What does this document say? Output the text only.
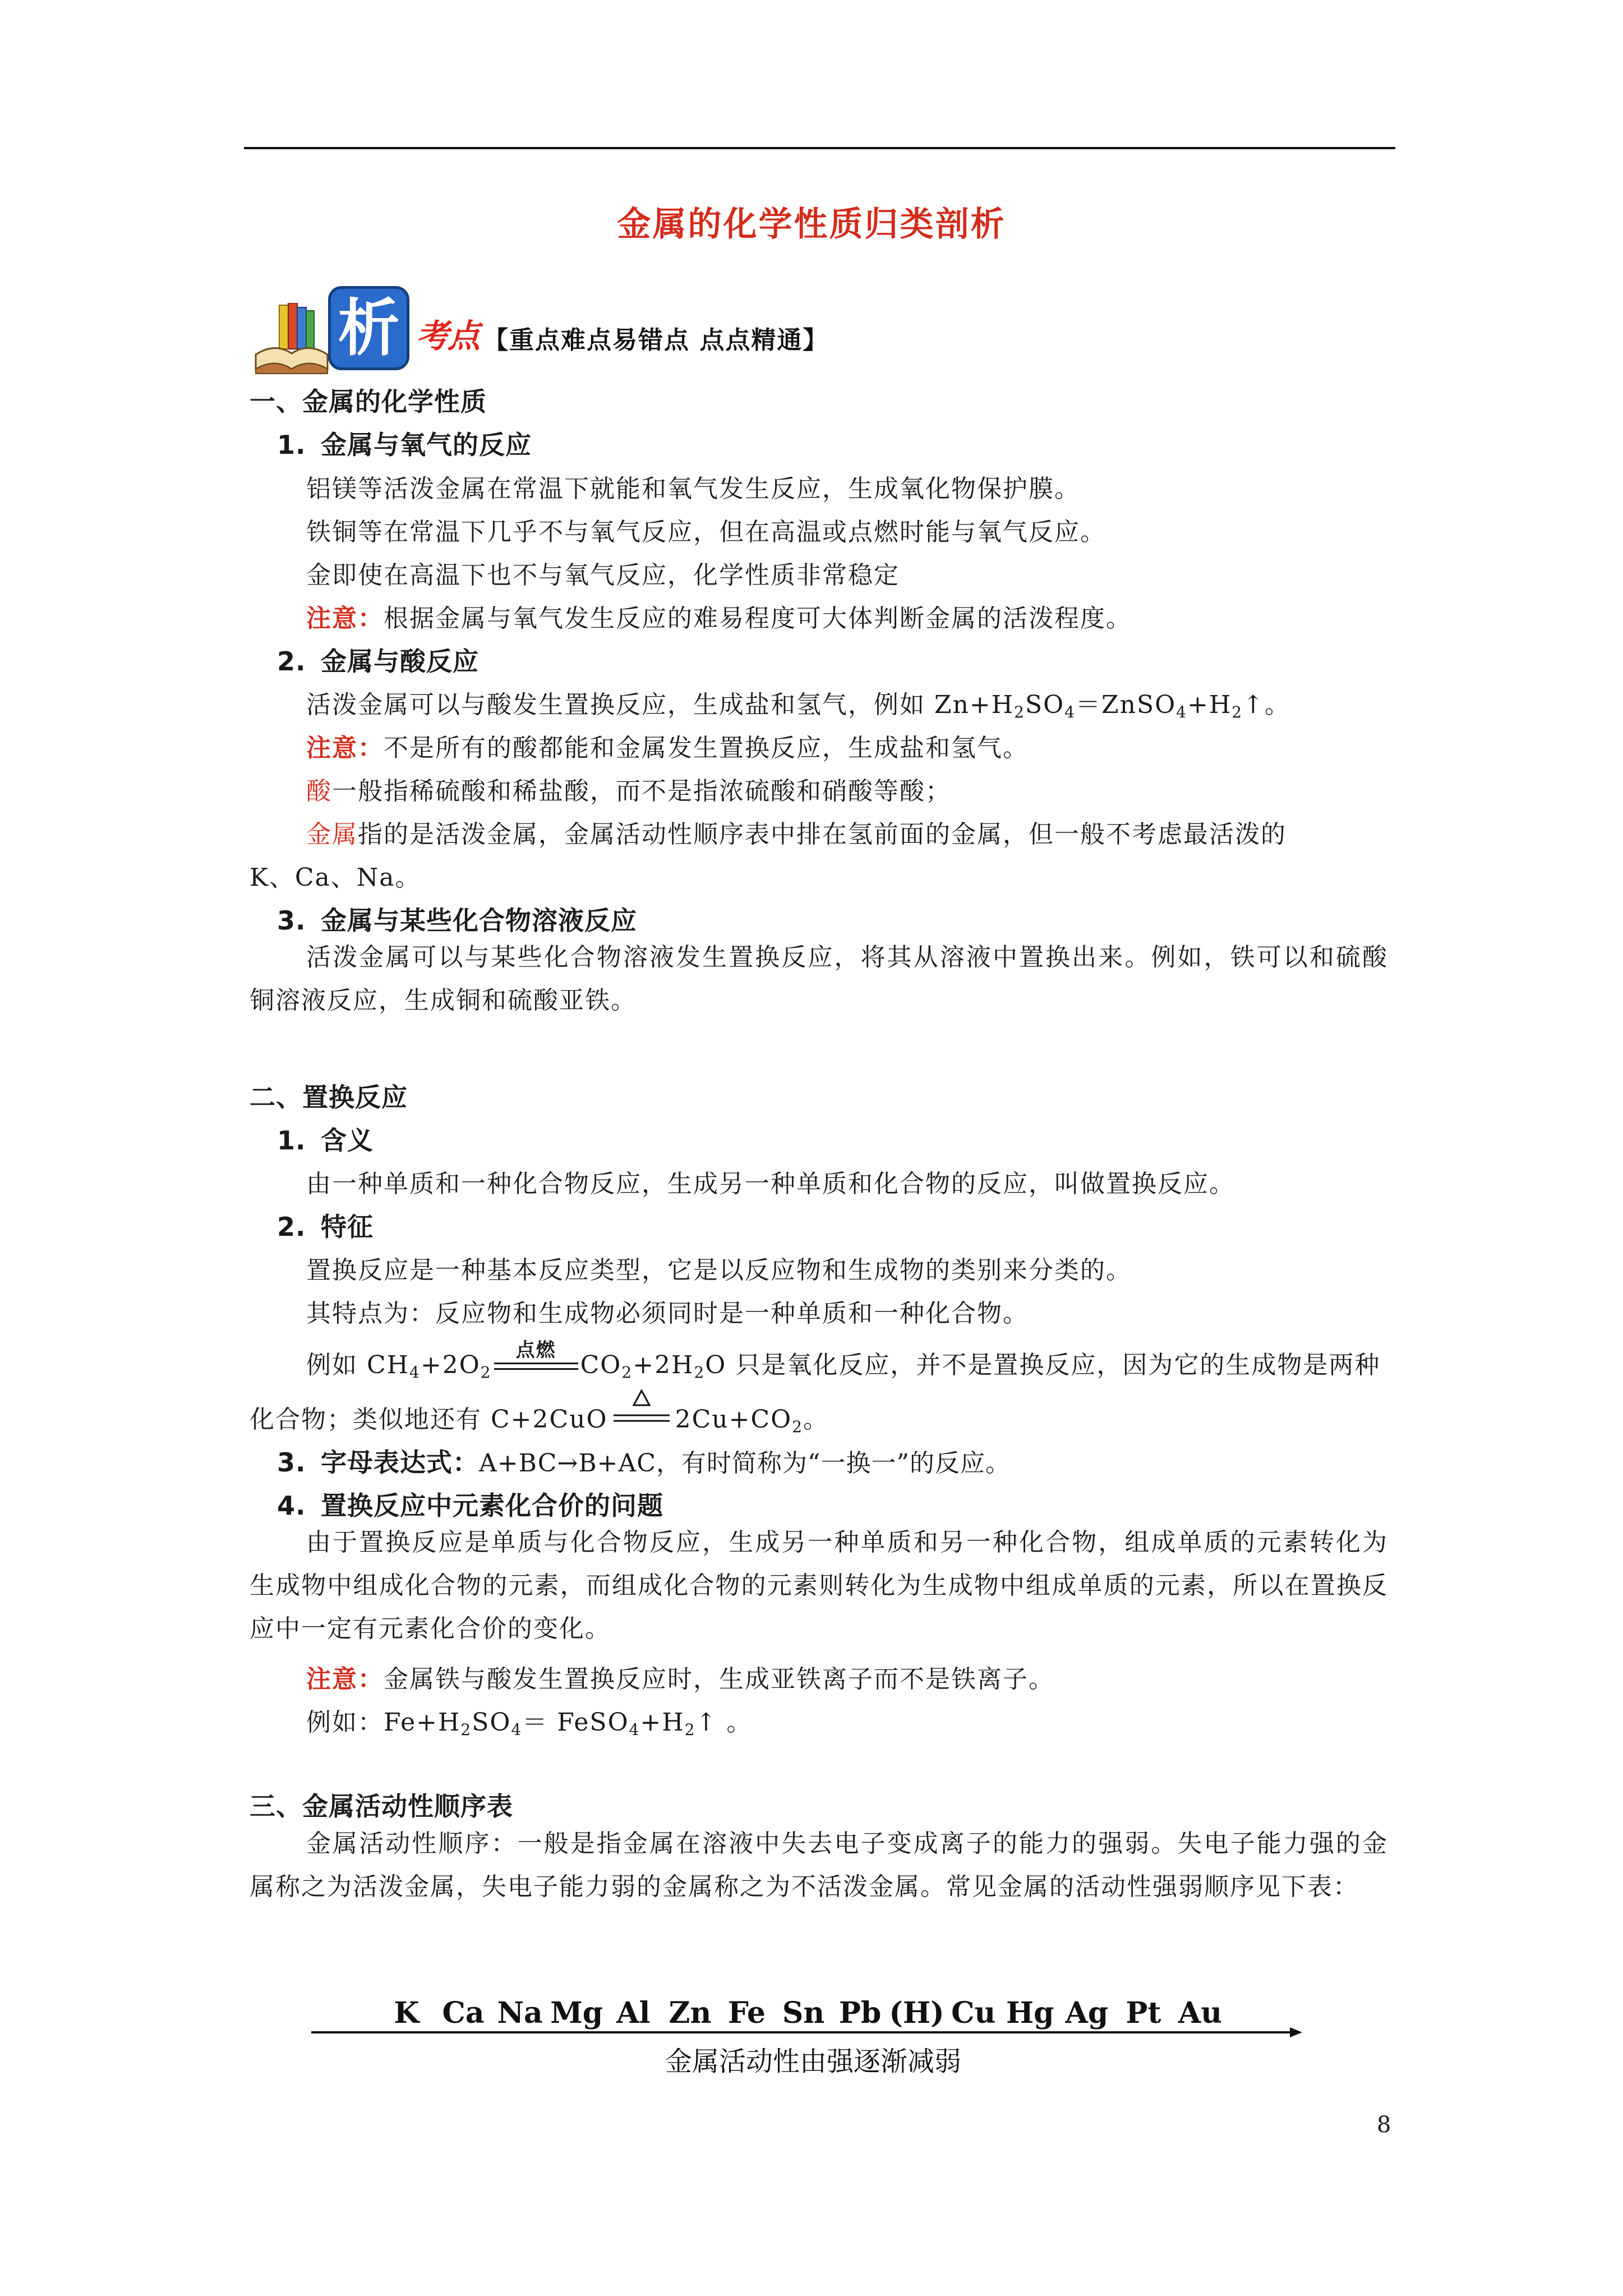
金属的化学性质归类剖析
析 考点 【重点难点易错点 点点精通】
一、金属的化学性质
1. 金属与氧气的反应
铝镁等活泼金属在常温下就能和氧气发生反应，生成氧化物保护膜。
铁铜等在常温下几乎不与氧气反应，但在高温或点燃时能与氧气反应。
金即使在高温下也不与氧气反应，化学性质非常稳定
注意：根据金属与氧气发生反应的难易程度可大体判断金属的活泼程度。
2. 金属与酸反应
活泼金属可以与酸发生置换反应，生成盐和氢气，例如 $Zn+H_2SO_4=ZnSO_4+H_2↑$。
注意：不是所有的酸都能和金属发生置换反应，生成盐和氢气。
酸一般指稀硫酸和稀盐酸，而不是指浓硫酸和硝酸等酸；
金属指的是活泼金属，金属活动性顺序表中排在氢前面的金属，但一般不考虑最活泼的
K、Ca、Na。
3. 金属与某些化合物溶液反应
活泼金属可以与某些化合物溶液发生置换反应，将其从溶液中置换出来。例如，铁可以和硫酸铜溶液反应，生成铜和硫酸亚铁。
二、置换反应
1. 含义
由一种单质和一种化合物反应，生成另一种单质和化合物的反应，叫做置换反应。
2. 特征
置换反应是一种基本反应类型，它是以反应物和生成物的类别来分类的。
其特点为：反应物和生成物必须同时是一种单质和一种化合物。
例如 $CH_4+2O_2$
点燃
$CO_2+2H_2O$ 只是氧化反应，并不是置换反应，因为它的生成物是两种
化合物；类似地还有 C+2CuO	$2Cu+CO_2$。
3. 字母表达式：A+BC→B+AC，有时简称为“一换一”的反应。
4. 置换反应中元素化合价的问题
由于置换反应是单质与化合物反应，生成另一种单质和另一种化合物，组成单质的元素转化为生成物中组成化合物的元素，而组成化合物的元素则转化为生成物中组成单质的元素，所以在置换反应中一定有元素化合价的变化。
注意：金属铁与酸发生置换反应时，生成亚铁离子而不是铁离子。
例如：$Fe+H_2SO_4=$ $FeSO_4+H_2↑$ 。
三、金属活动性顺序表
金属活动性顺序：一般是指金属在溶液中失去电子变成离子的能力的强弱。失电子能力强的金属称之为活泼金属，失电子能力弱的金属称之为不活泼金属。常见金属的活动性强弱顺序见下表：
K Ca Na Mg Al Zn Fe Sn Pb (H) Cu Hg Ag Pt Au
金属活动性由强逐渐减弱
8
